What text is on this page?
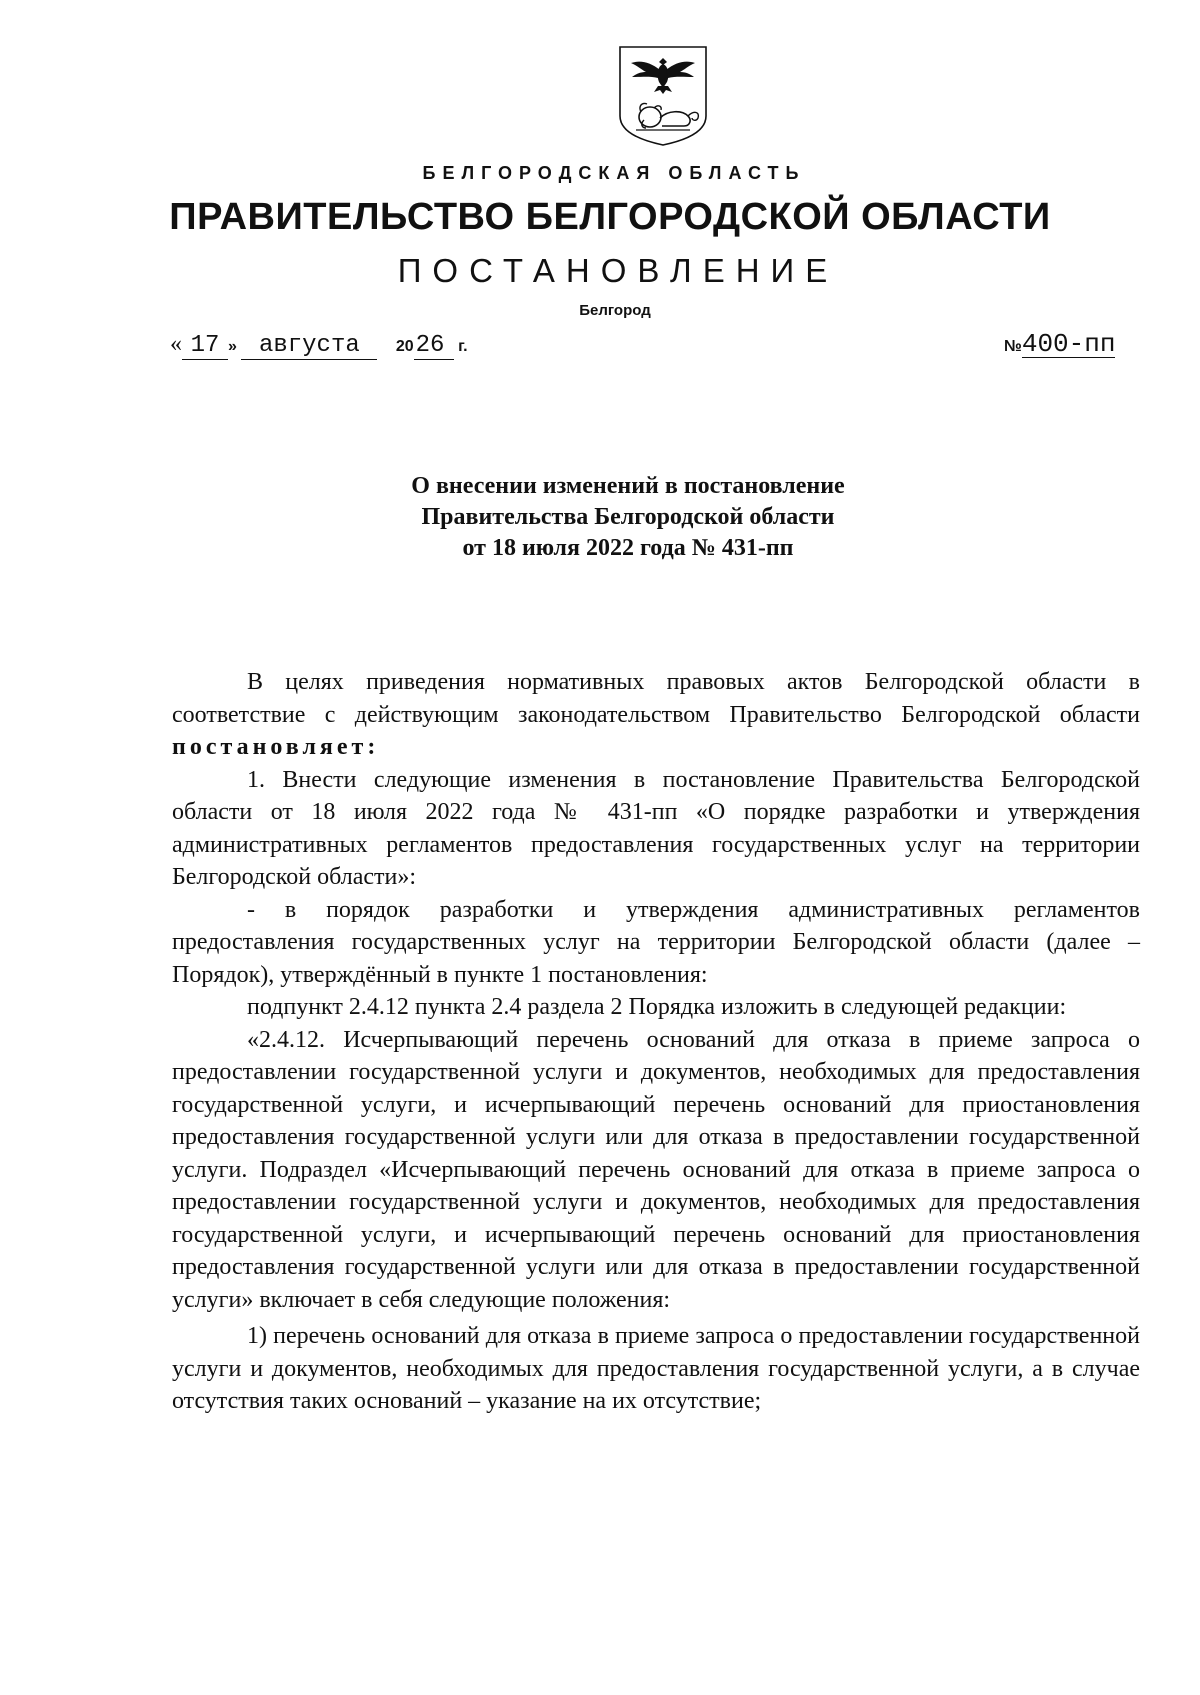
БЕЛГОРОДСКАЯ ОБЛАСТЬ
ПРАВИТЕЛЬСТВО БЕЛГОРОДСКОЙ ОБЛАСТИ
ПОСТАНОВЛЕНИЕ
Белгород
« 17 » августа 2026 г.	№400-пп
О внесении изменений в постановление
Правительства Белгородской области
от 18 июля 2022 года № 431-пп

В целях приведения нормативных правовых актов Белгородской области в соответствие с действующим законодательством Правительство Белгородской области постановляет:

1. Внести следующие изменения в постановление Правительства Белгородской области от 18 июля 2022 года № 431-пп «О порядке разработки и утверждения административных регламентов предоставления государственных услуг на территории Белгородской области»:

- в порядок разработки и утверждения административных регламентов предоставления государственных услуг на территории Белгородской области (далее – Порядок), утверждённый в пункте 1 постановления:

подпункт 2.4.12 пункта 2.4 раздела 2 Порядка изложить в следующей редакции:

«2.4.12. Исчерпывающий перечень оснований для отказа в приеме запроса о предоставлении государственной услуги и документов, необходимых для предоставления государственной услуги, и исчерпывающий перечень оснований для приостановления предоставления государственной услуги или для отказа в предоставлении государственной услуги. Подраздел «Исчерпывающий перечень оснований для отказа в приеме запроса о предоставлении государственной услуги и документов, необходимых для предоставления государственной услуги, и исчерпывающий перечень оснований для приостановления предоставления государственной услуги или для отказа в предоставлении государственной услуги» включает в себя следующие положения:

1) перечень оснований для отказа в приеме запроса о предоставлении государственной услуги и документов, необходимых для предоставления государственной услуги, а в случае отсутствия таких оснований – указание на их отсутствие;
